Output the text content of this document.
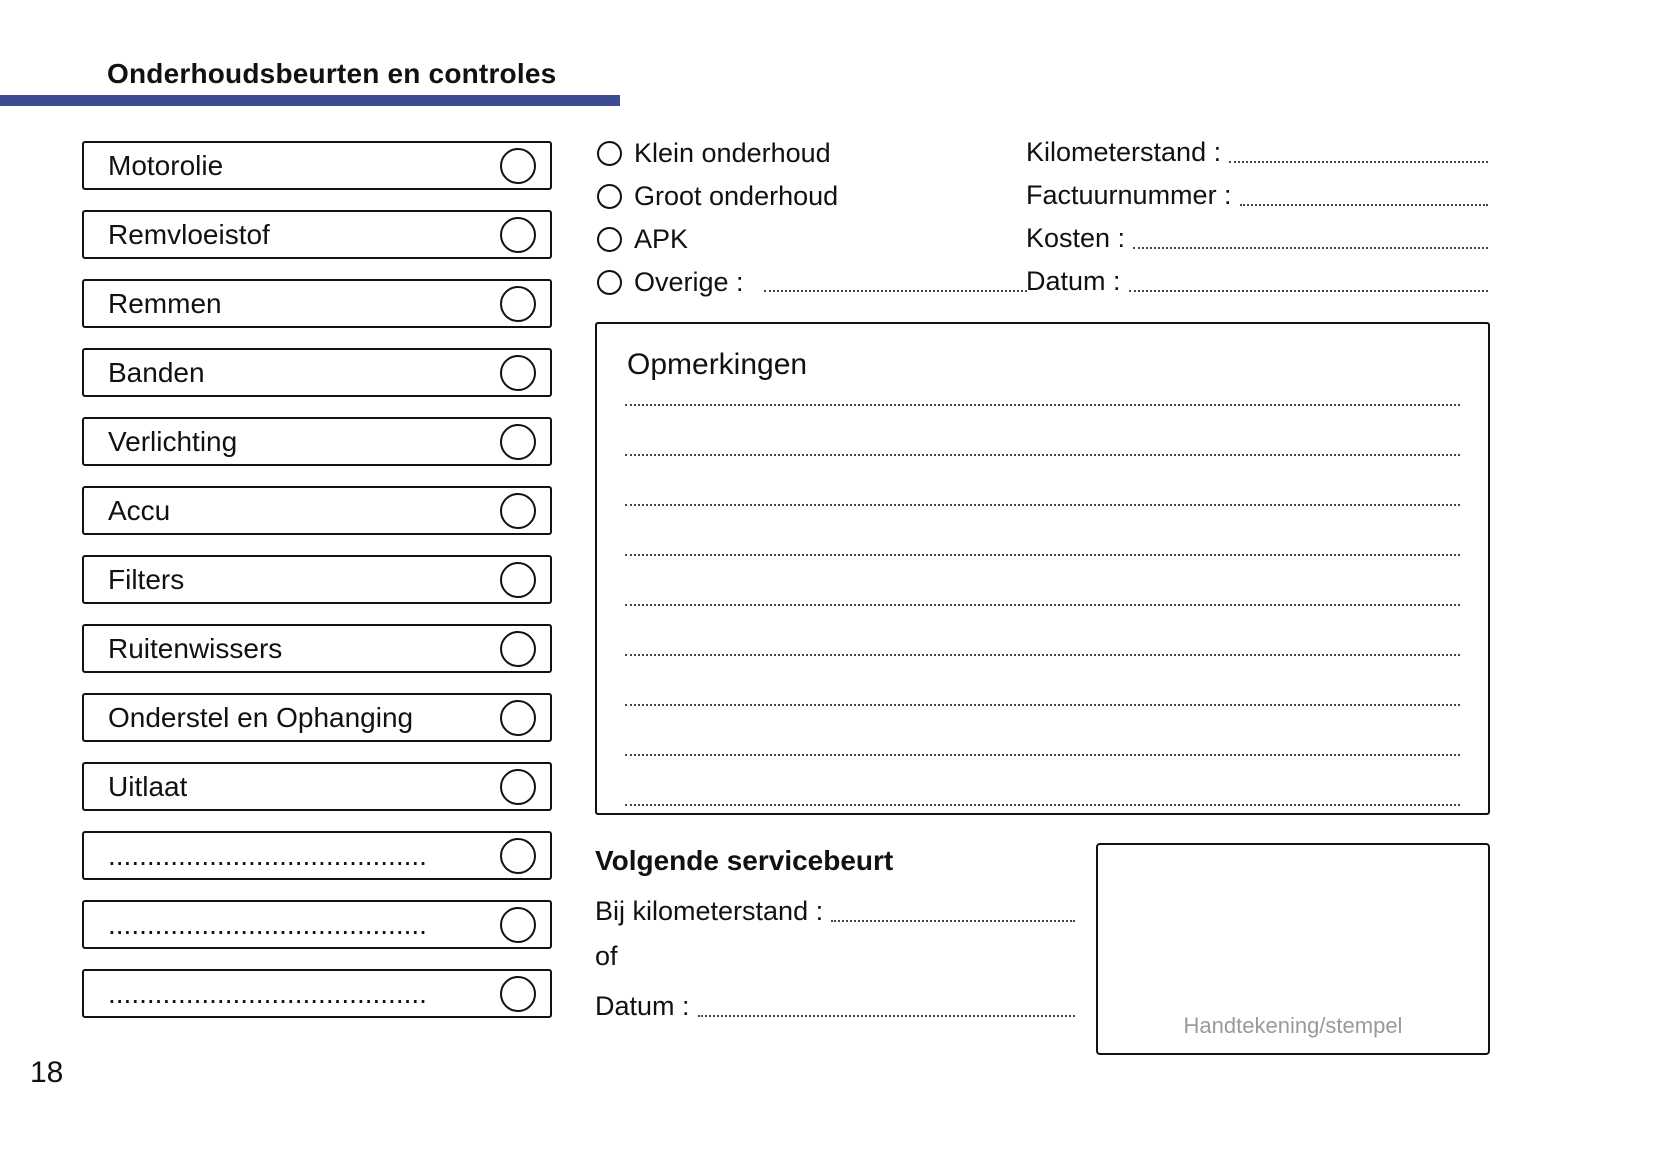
Onderhoudsbeurten en controles
Motorolie
Remvloeistof
Remmen
Banden
Verlichting
Accu
Filters
Ruitenwissers
Onderstel en Ophanging
Uitlaat
.........................................
.........................................
.........................................
Klein onderhoud
Groot onderhoud
APK
Overige :
Kilometerstand :
Factuurnummer :
Kosten :
Datum :
Opmerkingen
Volgende servicebeurt
Bij kilometerstand :
of
Datum :
Handtekening/stempel
18
